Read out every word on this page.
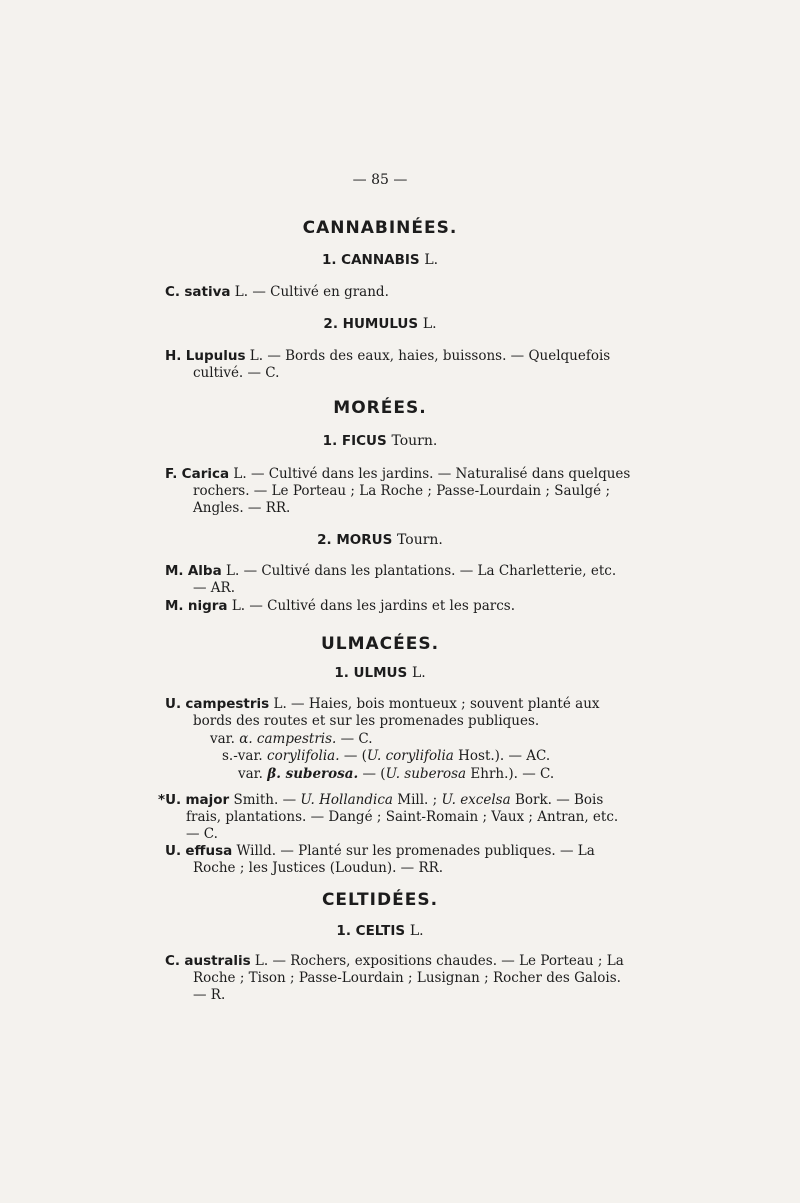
— 85 —
CANNABINÉES.
1. CANNABIS L.
C. sativa L. — Cultivé en grand.
2. HUMULUS L.
H. Lupulus L. — Bords des eaux, haies, buissons. — Quelquefois cultivé. — C.
MORÉES.
1. FICUS Tourn.
F. Carica L. — Cultivé dans les jardins. — Naturalisé dans quelques rochers. — Le Porteau ; La Roche ; Passe-Lourdain ; Saulgé ; Angles. — RR.
2. MORUS Tourn.
M. Alba L. — Cultivé dans les plantations. — La Charletterie, etc. — AR.
M. nigra L. — Cultivé dans les jardins et les parcs.
ULMACÉES.
1. ULMUS L.
U. campestris L. — Haies, bois montueux ; souvent planté aux bords des routes et sur les promenades publiques.
var. α. campestris. — C.
s.-var. corylifolia. — (U. corylifolia Host.). — AC.
var. β. suberosa. — (U. suberosa Ehrh.). — C.
*U. major Smith. — U. Hollandica Mill. ; U. excelsa Bork. — Bois frais, plantations. — Dangé ; Saint-Romain ; Vaux ; Antran, etc. — C.
U. effusa Willd. — Planté sur les promenades publiques. — La Roche ; les Justices (Loudun). — RR.
CELTIDÉES.
1. CELTIS L.
C. australis L. — Rochers, expositions chaudes. — Le Porteau ; La Roche ; Tison ; Passe-Lourdain ; Lusignan ; Rocher des Galois. — R.
